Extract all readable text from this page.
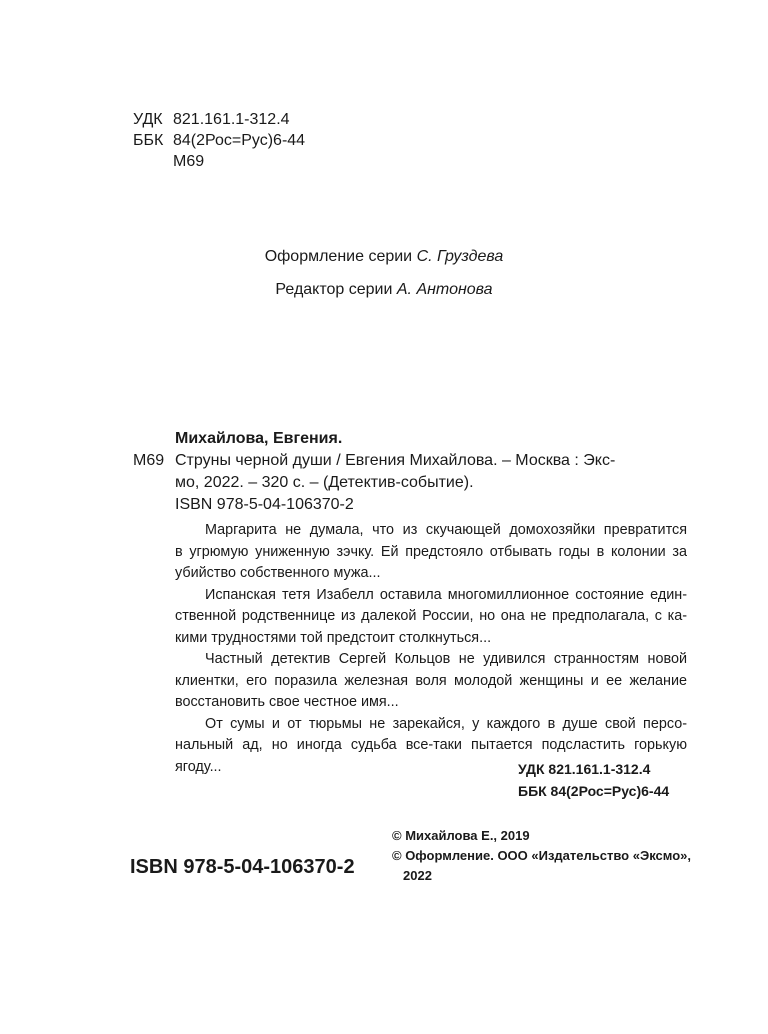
УДК 821.161.1-312.4
ББК 84(2Рос=Рус)6-44
М69
Оформление серии С. Груздева
Редактор серии А. Антонова
Михайлова, Евгения.
М69 Струны черной души / Евгения Михайлова. – Москва : Экс-
мо, 2022. – 320 с. – (Детектив-событие).
ISBN 978-5-04-106370-2
Маргарита не думала, что из скучающей домохозяйки превратится
в угрюмую униженную зэчку. Ей предстояло отбывать годы в колонии за
убийство собственного мужа...
Испанская тетя Изабелл оставила многомиллионное состояние един-
ственной родственнице из далекой России, но она не предполагала, с ка-
кими трудностями той предстоит столкнуться...
Частный детектив Сергей Кольцов не удивился странностям новой
клиентки, его поразила железная воля молодой женщины и ее желание
восстановить свое честное имя...
От сумы и от тюрьмы не зарекайся, у каждого в душе свой персо-
нальный ад, но иногда судьба все-таки пытается подсластить горькую
ягоду...	УДК 821.161.1-312.4
ББК 84(2Рос=Рус)6-44
© Михайлова Е., 2019
© Оформление. ООО «Издательство «Эксмо»,
2022
ISBN 978-5-04-106370-2
